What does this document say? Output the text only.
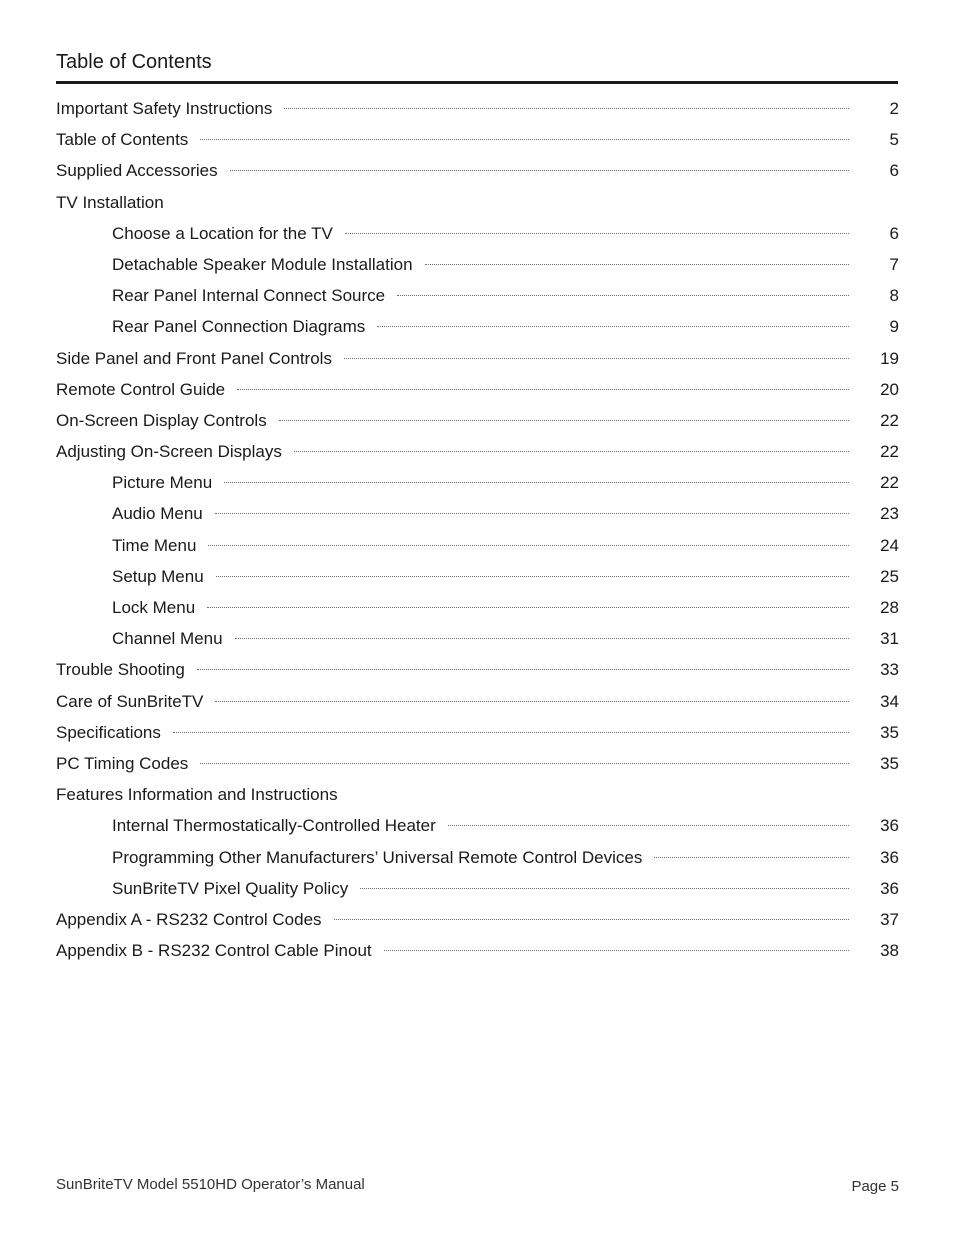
Table of Contents
Important Safety Instructions	2
Table of Contents	5
Supplied Accessories	6
TV Installation
Choose a Location for the TV	6
Detachable Speaker Module Installation	7
Rear Panel Internal Connect Source	8
Rear Panel Connection Diagrams	9
Side Panel and Front Panel Controls	19
Remote Control Guide	20
On-Screen Display Controls	22
Adjusting On-Screen Displays	22
Picture Menu	22
Audio Menu	23
Time Menu	24
Setup Menu	25
Lock Menu	28
Channel Menu	31
Trouble Shooting	33
Care of SunBriteTV	34
Specifications	35
PC Timing Codes	35
Features Information and Instructions
Internal Thermostatically-Controlled Heater	36
Programming Other Manufacturers’ Universal Remote Control Devices	36
SunBriteTV Pixel Quality Policy	36
Appendix A - RS232 Control Codes	37
Appendix B - RS232 Control Cable Pinout	38
SunBriteTV Model 5510HD Operator’s Manual	Page 5
